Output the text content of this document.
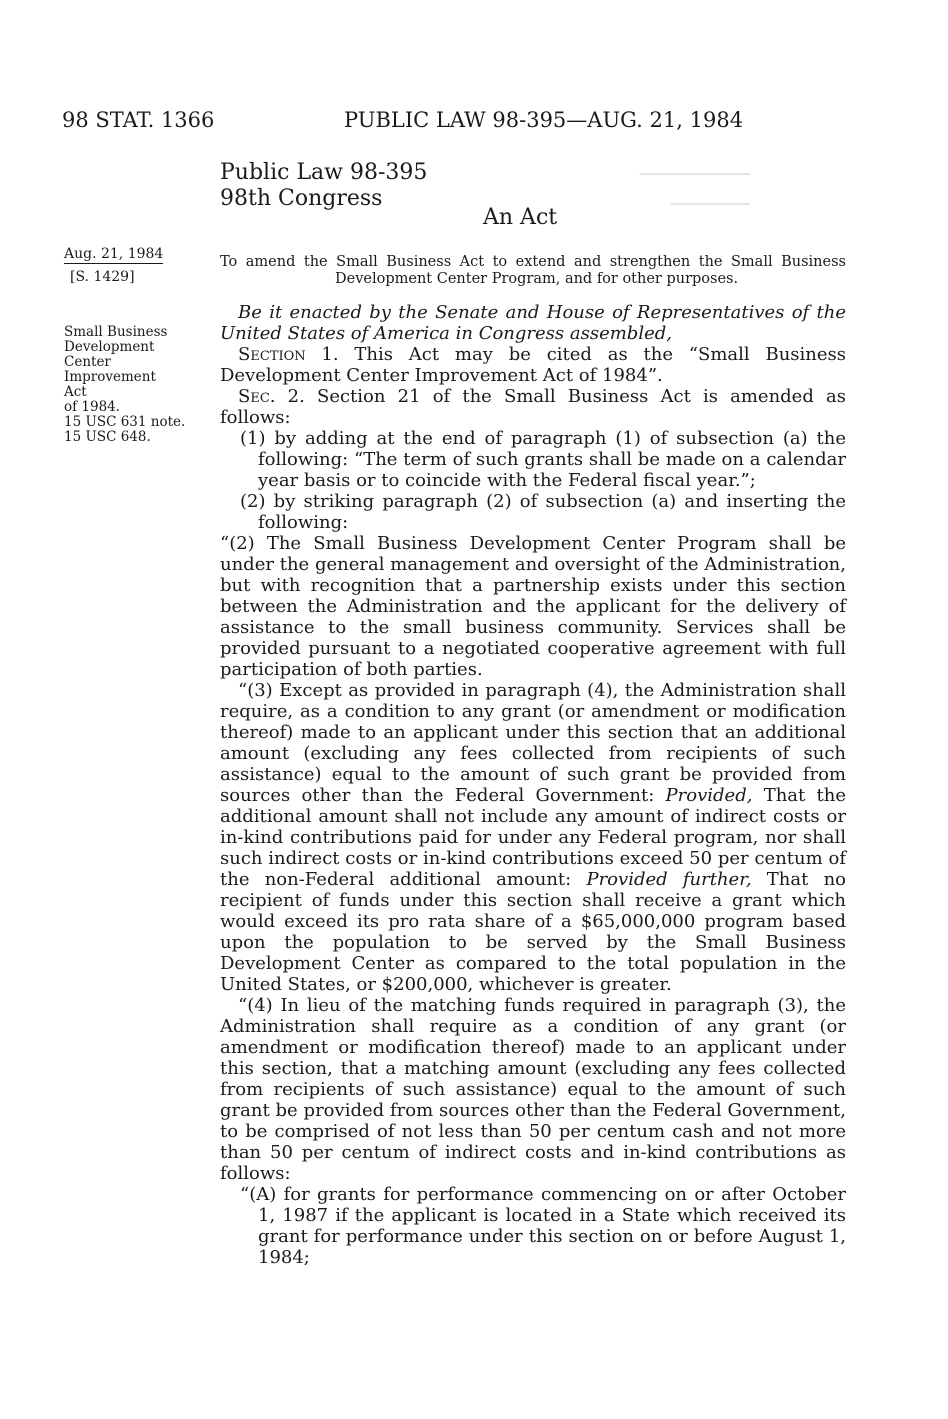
───────
─────
98 STAT. 1366	PUBLIC LAW 98-395—AUG. 21, 1984
Public Law 98-395
98th Congress
An Act
Aug. 21, 1984
[S. 1429]
Small Business
Development
Center
Improvement
Act
of 1984.
15 USC 631 note.
15 USC 648.
To amend the Small Business Act to extend and strengthen the Small Business
Development Center Program, and for other purposes.

Be it enacted by the Senate and House of Representatives of the United States of America in Congress assembled,

Section 1. This Act may be cited as the “Small Business Development Center Improvement Act of 1984”.

Sec. 2. Section 21 of the Small Business Act is amended as follows:

(1) by adding at the end of paragraph (1) of subsection (a) the following: “The term of such grants shall be made on a calendar year basis or to coincide with the Federal fiscal year.”;

(2) by striking paragraph (2) of subsection (a) and inserting the following:

“(2) The Small Business Development Center Program shall be under the general management and oversight of the Administration, but with recognition that a partnership exists under this section between the Administration and the applicant for the delivery of assistance to the small business community. Services shall be provided pursuant to a negotiated cooperative agreement with full participation of both parties.

“(3) Except as provided in paragraph (4), the Administration shall require, as a condition to any grant (or amendment or modification thereof) made to an applicant under this section that an additional amount (excluding any fees collected from recipients of such assistance) equal to the amount of such grant be provided from sources other than the Federal Government: Provided, That the additional amount shall not include any amount of indirect costs or in-kind contributions paid for under any Federal program, nor shall such indirect costs or in-kind contributions exceed 50 per centum of the non-Federal additional amount: Provided further, That no recipient of funds under this section shall receive a grant which would exceed its pro rata share of a $65,000,000 program based upon the population to be served by the Small Business Development Center as compared to the total population in the United States, or $200,000, whichever is greater.

“(4) In lieu of the matching funds required in paragraph (3), the Administration shall require as a condition of any grant (or amendment or modification thereof) made to an applicant under this section, that a matching amount (excluding any fees collected from recipients of such assistance) equal to the amount of such grant be provided from sources other than the Federal Government, to be comprised of not less than 50 per centum cash and not more than 50 per centum of indirect costs and in-kind contributions as follows:

“(A) for grants for performance commencing on or after October 1, 1987 if the applicant is located in a State which received its grant for performance under this section on or before August 1, 1984;
